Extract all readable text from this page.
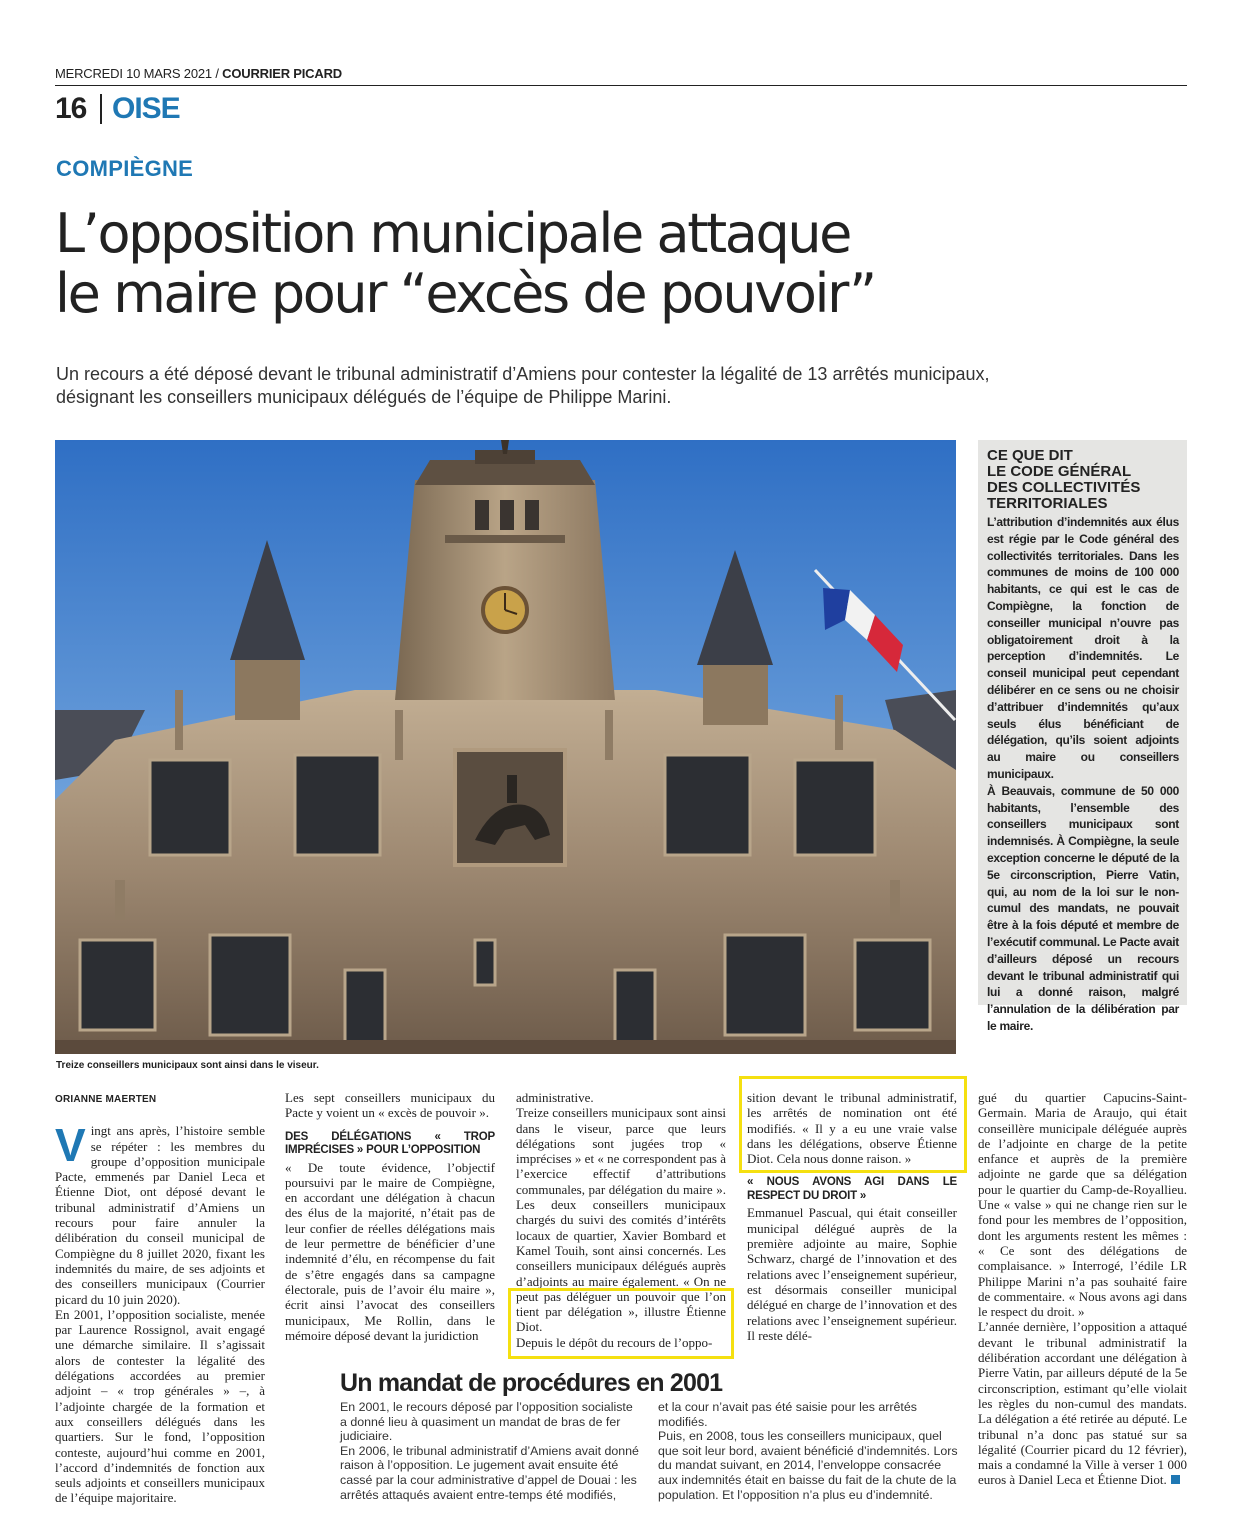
MERCREDI 10 MARS 2021 / COURRIER PICARD
16 OISE
COMPIÈGNE
L’opposition municipale attaque
le maire pour “excès de pouvoir”

Un recours a été déposé devant le tribunal administratif d’Amiens pour contester la légalité de 13 arrêtés municipaux, désignant les conseillers municipaux délégués de l’équipe de Philippe Marini.

Treize conseillers municipaux sont ainsi dans le viseur.
CE QUE DIT
LE CODE GÉNÉRAL
DES COLLECTIVITÉS
TERRITORIALES

L’attribution d’indemnités aux élus est régie par le Code général des collectivités territoriales. Dans les communes de moins de 100 000 habitants, ce qui est le cas de Compiègne, la fonction de conseiller municipal n’ouvre pas obligatoirement droit à la perception d’indemnités. Le conseil municipal peut cependant délibérer en ce sens ou ne choisir d’attribuer d’indemnités qu’aux seuls élus bénéficiant de délégation, qu’ils soient adjoints au maire ou conseillers municipaux.

À Beauvais, commune de 50 000 habitants, l’ensemble des conseillers municipaux sont indemnisés. À Compiègne, la seule exception concerne le député de la 5e circonscription, Pierre Vatin, qui, au nom de la loi sur le non-cumul des mandats, ne pouvait être à la fois député et membre de l’exécutif communal. Le Pacte avait d’ailleurs déposé un recours devant le tribunal administratif qui lui a donné raison, malgré l’annulation de la délibération par le maire.

ORIANNE MAERTEN
V ingt ans après, l’histoire semble se répéter : les membres du groupe d’opposition municipale Pacte, emmenés par Daniel Leca et Étienne Diot, ont déposé devant le tribunal administratif d’Amiens un recours pour faire annuler la délibération du conseil municipal de Compiègne du 8 juillet 2020, fixant les indemnités du maire, de ses adjoints et des conseillers municipaux (Courrier picard du 10 juin 2020).

En 2001, l’opposition socialiste, menée par Laurence Rossignol, avait engagé une démarche similaire. Il s’agissait alors de contester la légalité des délégations accordées au premier adjoint – « trop générales » –, à l’adjointe chargée de la formation et aux conseillers délégués dans les quartiers. Sur le fond, l’opposition conteste, aujourd’hui comme en 2001, l’accord d’indemnités de fonction aux seuls adjoints et conseillers municipaux de l’équipe majoritaire.

Les sept conseillers municipaux du Pacte y voient un « excès de pouvoir ».

DES DÉLÉGATIONS « TROP IMPRÉCISES » POUR L’OPPOSITION

« De toute évidence, l’objectif poursuivi par le maire de Compiègne, en accordant une délégation à chacun des élus de la majorité, n’était pas de leur confier de réelles délégations mais de leur permettre de bénéficier d’une indemnité d’élu, en récompense du fait de s’être engagés dans sa campagne électorale, puis de l’avoir élu maire », écrit ainsi l’avocat des conseillers municipaux, Me Rollin, dans le mémoire déposé devant la juridiction

administrative.

Treize conseillers municipaux sont ainsi dans le viseur, parce que leurs délégations sont jugées trop « imprécises » et « ne correspondent pas à l’exercice effectif d’attributions communales, par délégation du maire ». Les deux conseillers municipaux chargés du suivi des comités d’intérêts locaux de quartier, Xavier Bombard et Kamel Touih, sont ainsi concernés. Les conseillers municipaux délégués auprès d’adjoints au maire également. « On ne peut pas déléguer un pouvoir que l’on tient par délégation », illustre Étienne Diot.

Depuis le dépôt du recours de l’oppo-

sition devant le tribunal administratif, les arrêtés de nomination ont été modifiés. « Il y a eu une vraie valse dans les délégations, observe Étienne Diot. Cela nous donne raison. »

« NOUS AVONS AGI DANS LE RESPECT DU DROIT »

Emmanuel Pascual, qui était conseiller municipal délégué auprès de la première adjointe au maire, Sophie Schwarz, chargé de l’innovation et des relations avec l’enseignement supérieur, est désormais conseiller municipal délégué en charge de l’innovation et des relations avec l’enseignement supérieur. Il reste délé-

gué du quartier Capucins-Saint-Germain. Maria de Araujo, qui était conseillère municipale déléguée auprès de l’adjointe en charge de la petite enfance et auprès de la première adjointe ne garde que sa délégation pour le quartier du Camp-de-Royallieu. Une « valse » qui ne change rien sur le fond pour les membres de l’opposition, dont les arguments restent les mêmes : « Ce sont des délégations de complaisance. » Interrogé, l’édile LR Philippe Marini n’a pas souhaité faire de commentaire. « Nous avons agi dans le respect du droit. »

L’année dernière, l’opposition a attaqué devant le tribunal administratif la délibération accordant une délégation à Pierre Vatin, par ailleurs député de la 5e circonscription, estimant qu’elle violait les règles du non-cumul des mandats. La délégation a été retirée au député. Le tribunal n’a donc pas statué sur sa légalité (Courrier picard du 12 février), mais a condamné la Ville à verser 1 000 euros à Daniel Leca et Étienne Diot.

Un mandat de procédures en 2001

En 2001, le recours déposé par l’opposition socialiste a donné lieu à quasiment un mandat de bras de fer judiciaire.

En 2006, le tribunal administratif d’Amiens avait donné raison à l’opposition. Le jugement avait ensuite été cassé par la cour administrative d’appel de Douai : les arrêtés attaqués avaient entre-temps été modifiés,

et la cour n’avait pas été saisie pour les arrêtés modifiés.

Puis, en 2008, tous les conseillers municipaux, quel que soit leur bord, avaient bénéficié d’indemnités. Lors du mandat suivant, en 2014, l’enveloppe consacrée aux indemnités était en baisse du fait de la chute de la population. Et l’opposition n’a plus eu d’indemnité.
